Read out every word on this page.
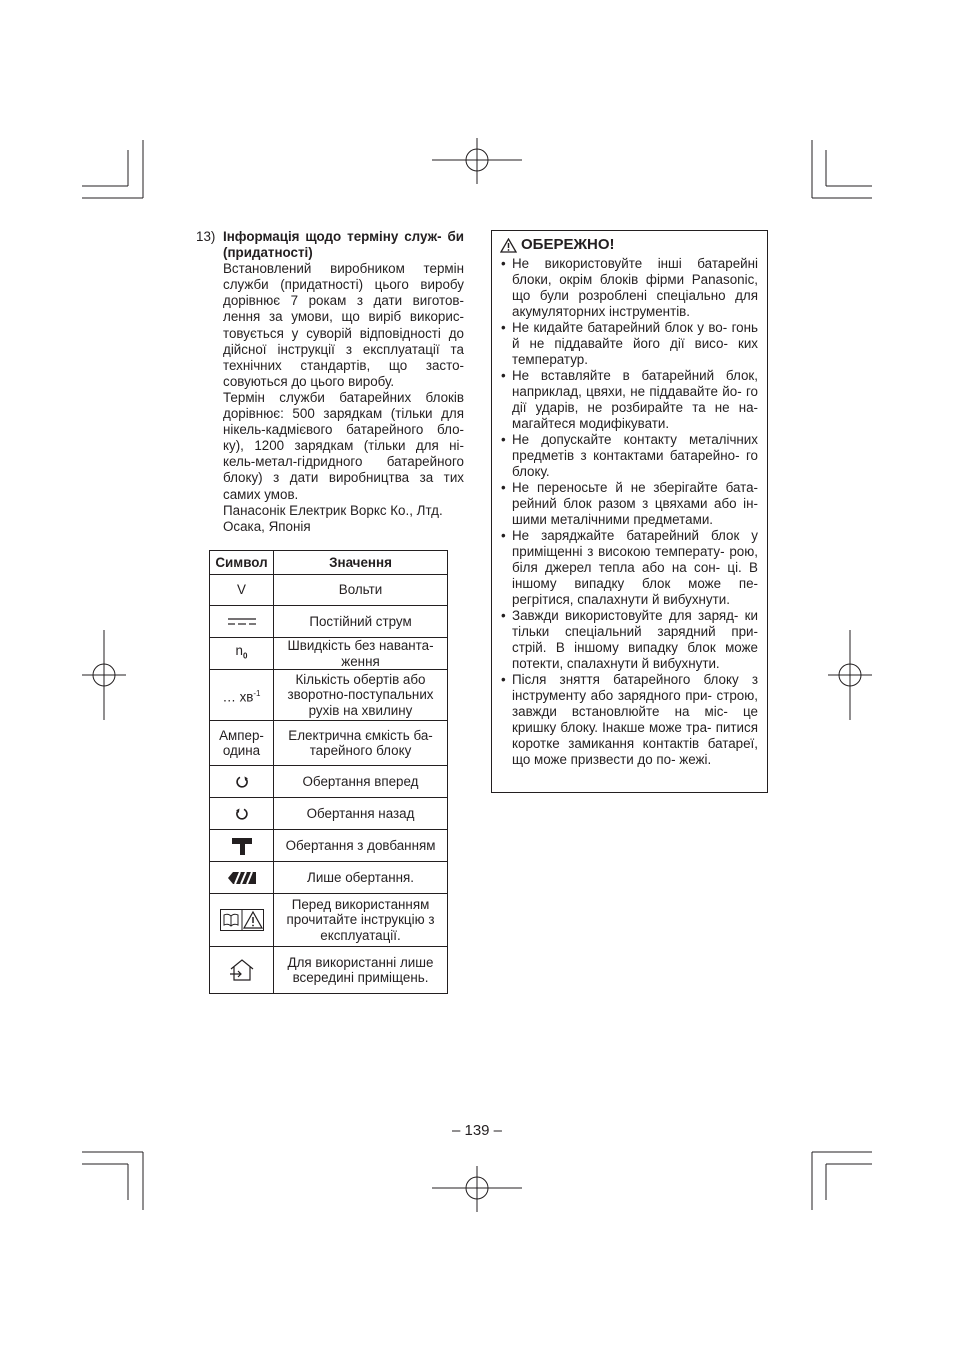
13) Інформація щодо терміну служ- би (придатності)

Встановлений виробником термін служби (придатності) цього виробу дорівнює 7 рокам з дати виготов- лення за умови, що виріб викорис- товується у суворій відповідності до дійсної інструкції з експлуатації та технічних стандартів, що засто- совуються до цього виробу.

Термін служби батарейних блоків дорівнює: 500 зарядкам (тільки для нікель-кадмієвого батарейного бло- ку), 1200 зарядкам (тільки для ні- кель-метал-гідридного батарейного блоку) з дати виробництва за тих самих умов.

Панасонік Електрик Воркс Ко., Лтд. Осака, Японія

Символ	Значення
V	Вольти

	Постійний струм
$n_0$	Швидкість без наванта- ження
… $хв^{-1}$	Кількість обертів або зворотно-поступальних рухів на хвилину
Ампер- одина	Електрична ємкість ба- тарейного блоку

	Обертання вперед

	Обертання назад

	Обертання з довбанням

	Лише обертання.

	Перед використанням прочитайте інструкцію з експлуатації.

	Для використанні лише всередині приміщень.
ОБЕРЕЖНО!
• Не використовуйте інші батарейні блоки, окрім блоків фірми Panasonic, що були розроблені спеціально для акумуляторних інструментів.
• Не кидайте батарейний блок у во- гонь й не піддавайте його дії висо- ких температур.
• Не вставляйте в батарейний блок, наприклад, цвяхи, не піддавайте йо- го дії ударів, не розбирайте та не на- магайтеся модифікувати.
• Не допускайте контакту металічних предметів з контактами батарейно- го блоку.
• Не переносьте й не зберігайте бата- рейний блок разом з цвяхами або ін- шими металічними предметами.
• Не заряджайте батарейний блок у приміщенні з високою температу- рою, біля джерел тепла або на сон- ці. В іншому випадку блок може пе- регрітися, спалахнути й вибухнути.
• Завжди використовуйте для заряд- ки тільки спеціальний зарядний при- стрій. В іншому випадку блок може потекти, спалахнути й вибухнути.
• Після зняття батарейного блоку з інструменту або зарядного при- строю, завжди встановлюйте на міс- це кришку блоку. Інакше може тра- питися коротке замикання контактів батареї, що може призвести до по- жежі.
– 139 –
